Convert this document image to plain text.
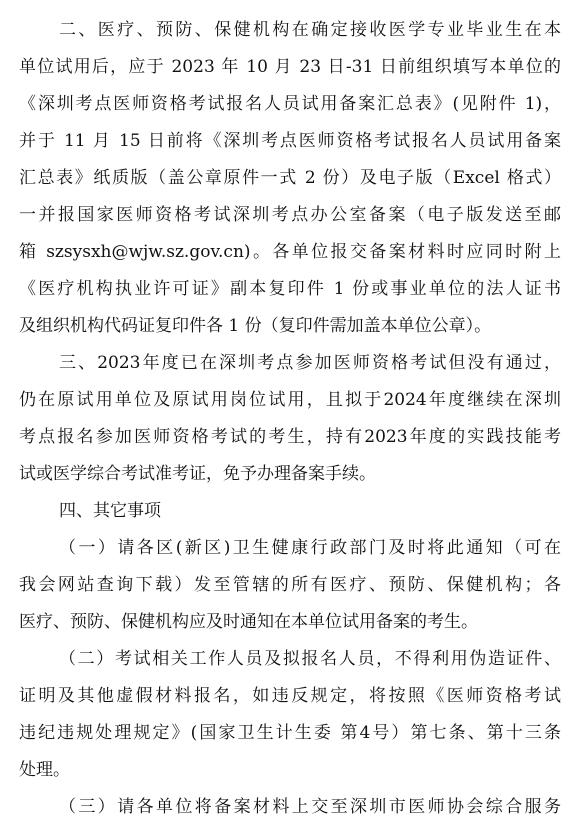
二、医疗、预防、保健机构在确定接收医学专业毕业生在本
单位试用后，应于 2023 年 10 月 23 日-31 日前组织填写本单位的
《深圳考点医师资格考试报名人员试用备案汇总表》(见附件 1)，
并于 11 月 15 日前将《深圳考点医师资格考试报名人员试用备案
汇总表》纸质版（盖公章原件一式 2 份）及电子版（Excel 格式）
一并报国家医师资格考试深圳考点办公室备案（电子版发送至邮
箱 szsysxh@wjw.sz.gov.cn)。各单位报交备案材料时应同时附上
《医疗机构执业许可证》副本复印件 1 份或事业单位的法人证书
及组织机构代码证复印件各 1 份（复印件需加盖本单位公章）。
三、2023年度已在深圳考点参加医师资格考试但没有通过，
仍在原试用单位及原试用岗位试用，且拟于2024年度继续在深圳
考点报名参加医师资格考试的考生，持有2023年度的实践技能考
试或医学综合考试准考证，免予办理备案手续。
四、其它事项
（一）请各区(新区)卫生健康行政部门及时将此通知（可在
我会网站查询下载）发至管辖的所有医疗、预防、保健机构；各
医疗、预防、保健机构应及时通知在本单位试用备案的考生。
（二）考试相关工作人员及拟报名人员，不得利用伪造证件、
证明及其他虚假材料报名，如违反规定，将按照《医师资格考试
违纪违规处理规定》(国家卫生计生委 第4号）第七条、第十三条
处理。
（三）请各单位将备案材料上交至深圳市医师协会综合服务
